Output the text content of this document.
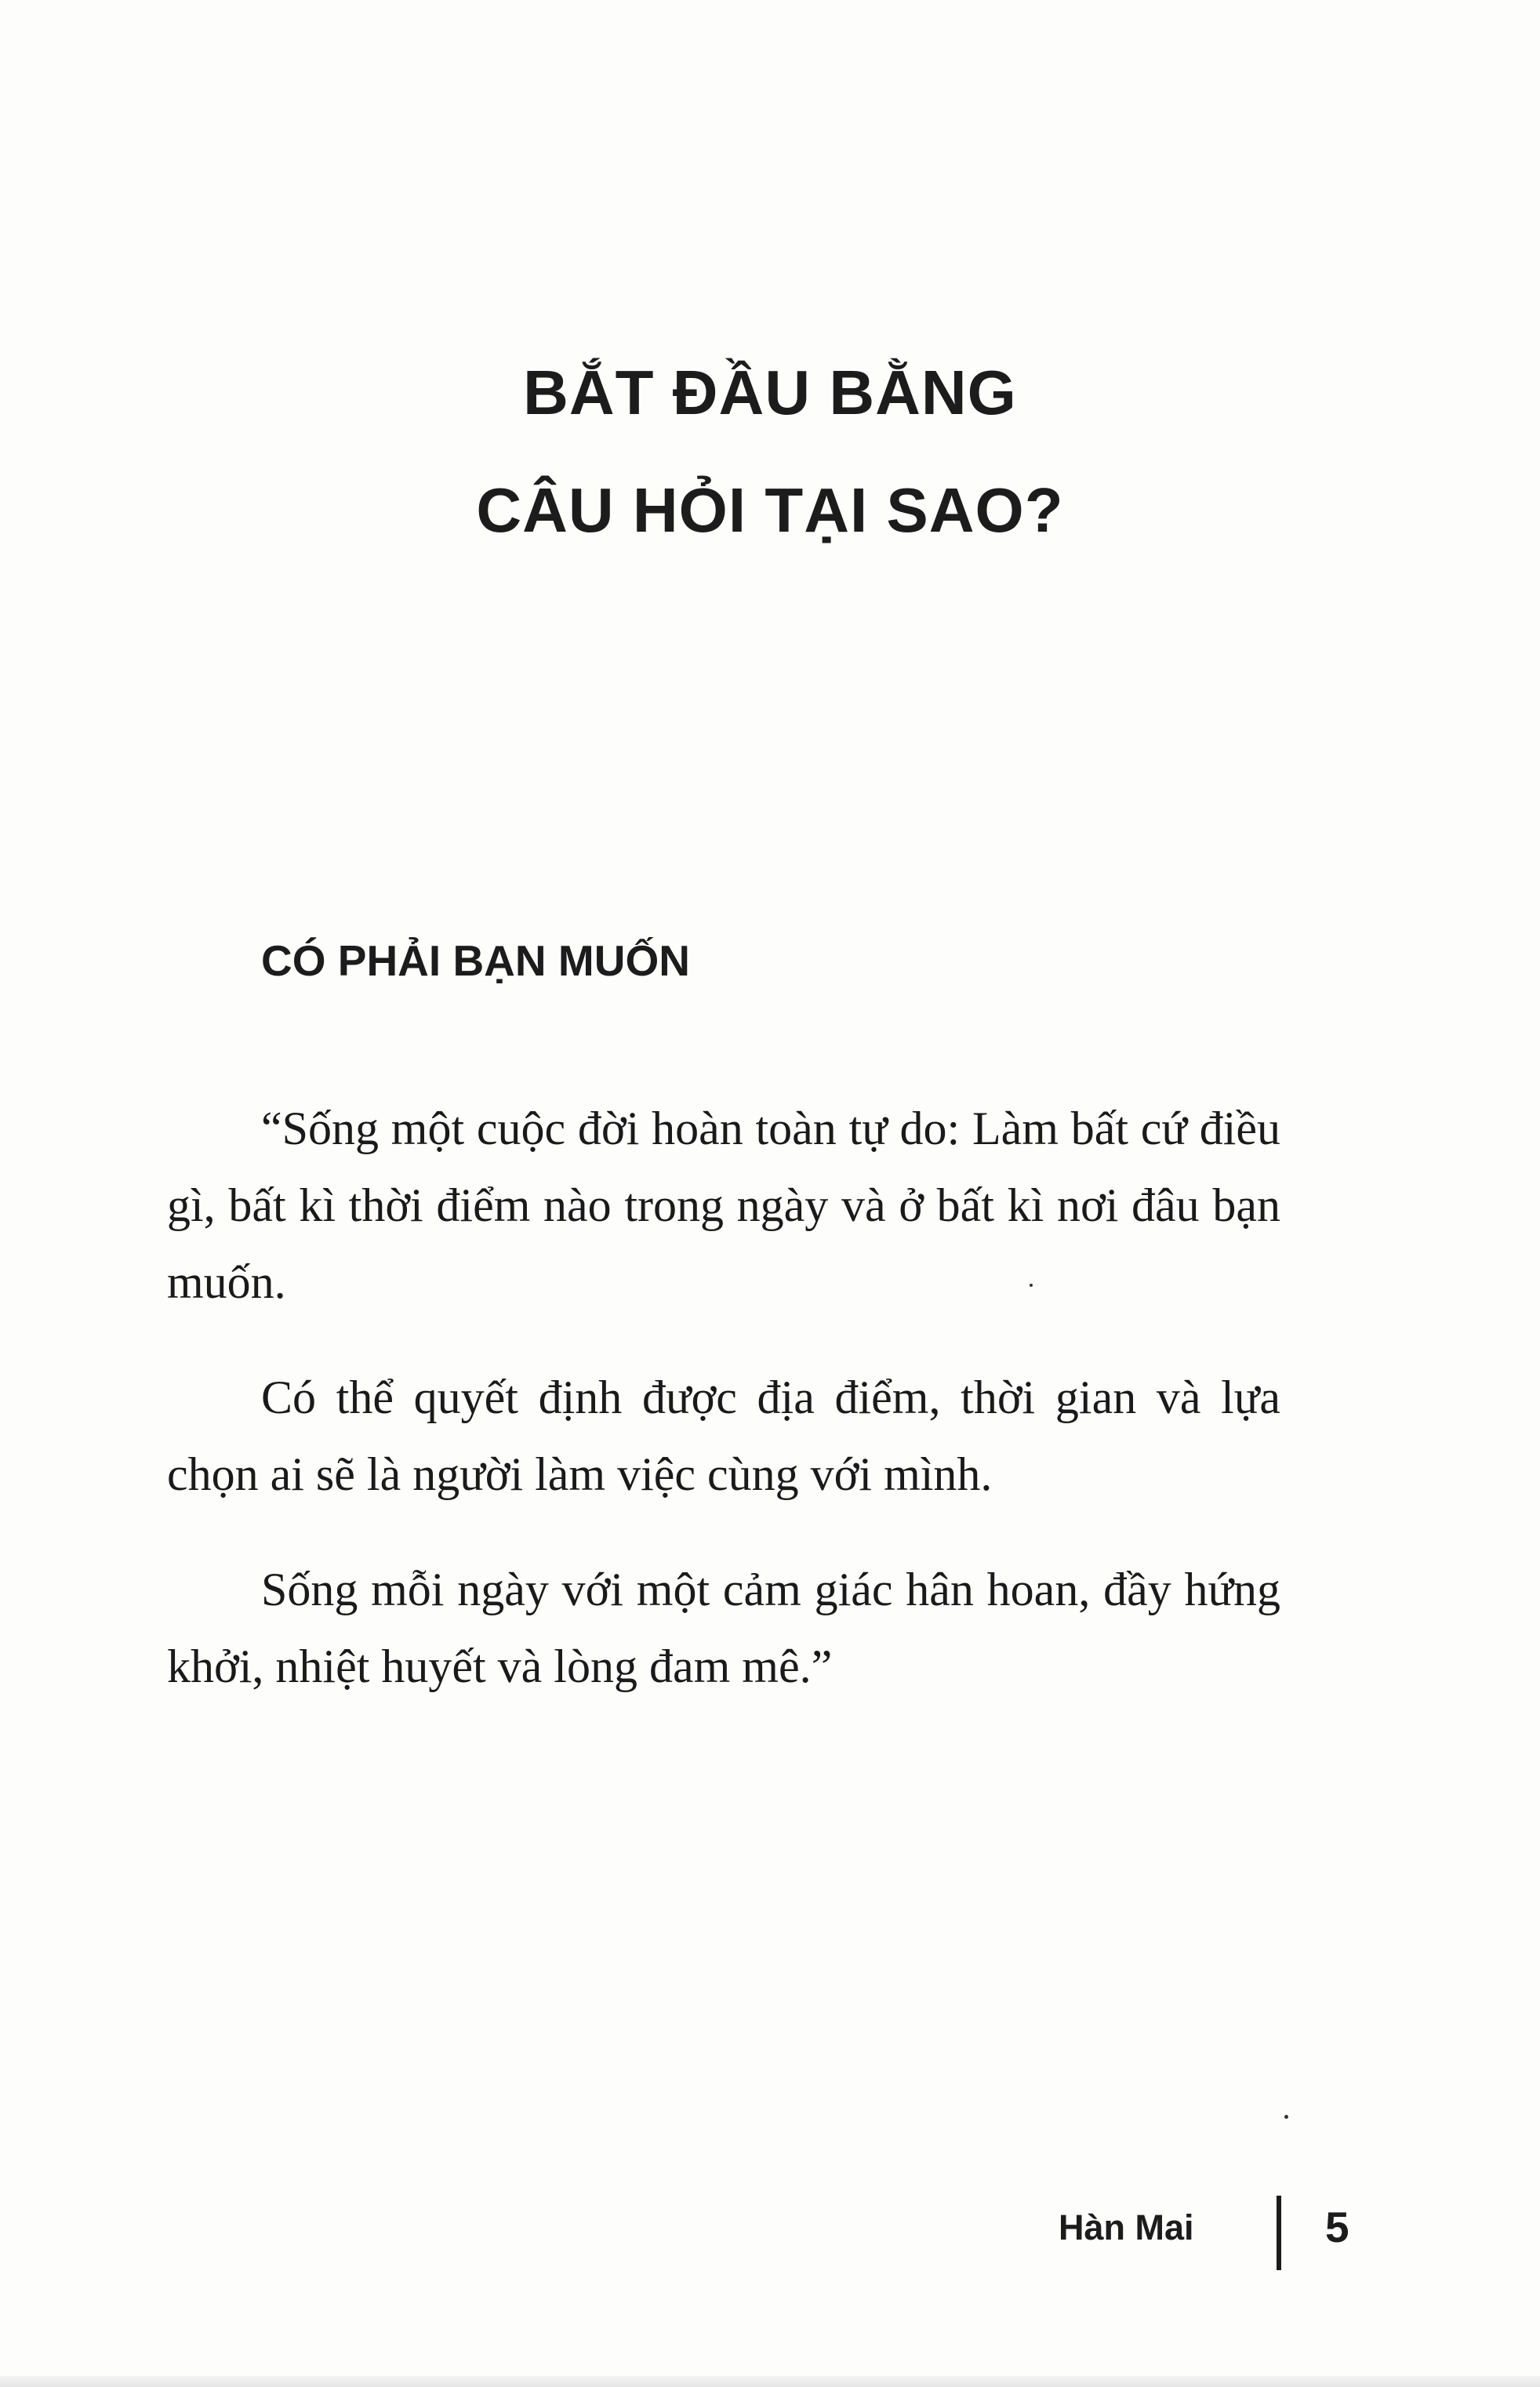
BẮT ĐẦU BẰNG
CÂU HỎI TẠI SAO?
CÓ PHẢI BẠN MUỐN

“Sống một cuộc đời hoàn toàn tự do: Làm bất cứ điều gì, bất kì thời điểm nào trong ngày và ở bất kì nơi đâu bạn muốn.

Có thể quyết định được địa điểm, thời gian và lựa chọn ai sẽ là người làm việc cùng với mình.

Sống mỗi ngày với một cảm giác hân hoan, đầy hứng khởi, nhiệt huyết và lòng đam mê.”

Hàn Mai	5
